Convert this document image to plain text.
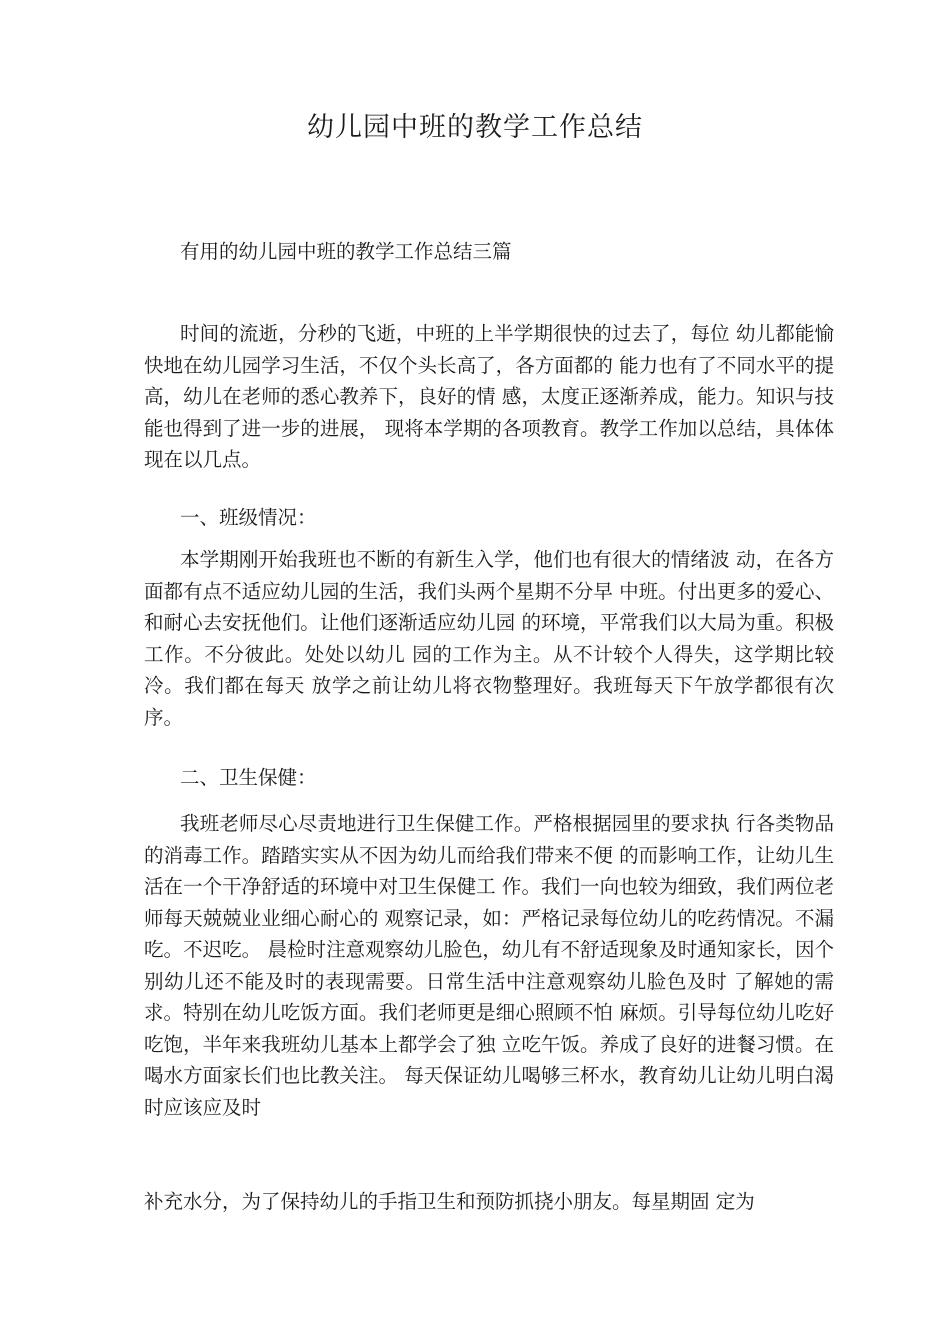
幼儿园中班的教学工作总结
有用的幼儿园中班的教学工作总结三篇
时间的流逝，分秒的飞逝，中班的上半学期很快的过去了，每位 幼儿都能愉快地在幼儿园学习生活，不仅个头长高了，各方面都的 能力也有了不同水平的提高，幼儿在老师的悉心教养下，良好的情 感，太度正逐渐养成，能力。知识与技能也得到了进一步的进展， 现将本学期的各项教育。教学工作加以总结，具体体现在以几点。
一、班级情况：
本学期刚开始我班也不断的有新生入学，他们也有很大的情绪波 动，在各方面都有点不适应幼儿园的生活，我们头两个星期不分早 中班。付出更多的爱心、和耐心去安抚他们。让他们逐渐适应幼儿园 的环境，平常我们以大局为重。积极工作。不分彼此。处处以幼儿 园的工作为主。从不计较个人得失，这学期比较冷。我们都在每天 放学之前让幼儿将衣物整理好。我班每天下午放学都很有次序。
二、卫生保健：
我班老师尽心尽责地进行卫生保健工作。严格根据园里的要求执 行各类物品的消毒工作。踏踏实实从不因为幼儿而给我们带来不便 的而影响工作，让幼儿生活在一个干净舒适的环境中对卫生保健工 作。我们一向也较为细致，我们两位老师每天兢兢业业细心耐心的 观察记录，如：严格记录每位幼儿的吃药情况。不漏吃。不迟吃。 晨检时注意观察幼儿脸色，幼儿有不舒适现象及时通知家长，因个 别幼儿还不能及时的表现需要。日常生活中注意观察幼儿脸色及时 了解她的需求。特别在幼儿吃饭方面。我们老师更是细心照顾不怕 麻烦。引导每位幼儿吃好吃饱，半年来我班幼儿基本上都学会了独 立吃午饭。养成了良好的进餐习惯。在喝水方面家长们也比教关注。 每天保证幼儿喝够三杯水，教育幼儿让幼儿明白渴时应该应及时
补充水分，为了保持幼儿的手指卫生和预防抓挠小朋友。每星期固 定为
